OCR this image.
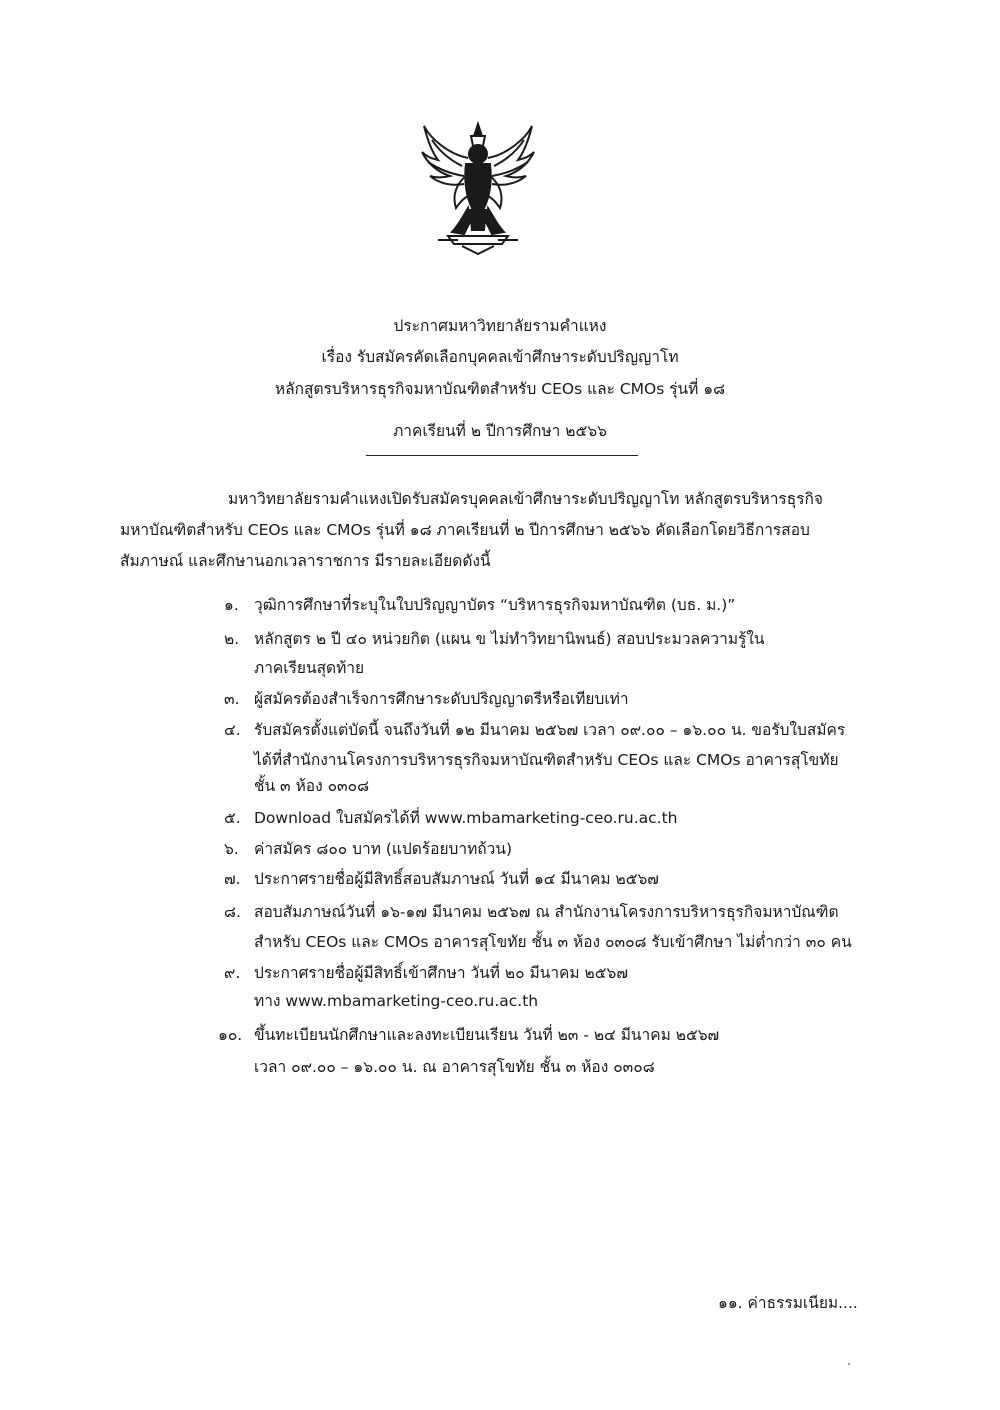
ประกาศมหาวิทยาลัยรามคำแหง
เรื่อง รับสมัครคัดเลือกบุคคลเข้าศึกษาระดับปริญญาโท
หลักสูตรบริหารธุรกิจมหาบัณฑิตสำหรับ CEOs และ CMOs รุ่นที่ ๑๘
ภาคเรียนที่ ๒ ปีการศึกษา ๒๕๖๖
มหาวิทยาลัยรามคำแหงเปิดรับสมัครบุคคลเข้าศึกษาระดับปริญญาโท หลักสูตรบริหารธุรกิจ
มหาบัณฑิตสำหรับ CEOs และ CMOs รุ่นที่ ๑๘ ภาคเรียนที่ ๒ ปีการศึกษา ๒๕๖๖ คัดเลือกโดยวิธีการสอบ
สัมภาษณ์ และศึกษานอกเวลาราชการ มีรายละเอียดดังนี้
๑. วุฒิการศึกษาที่ระบุในใบปริญญาบัตร “บริหารธุรกิจมหาบัณฑิต (บธ. ม.)”
๒. หลักสูตร ๒ ปี ๔๐ หน่วยกิต (แผน ข ไม่ทำวิทยานิพนธ์) สอบประมวลความรู้ใน
ภาคเรียนสุดท้าย
๓. ผู้สมัครต้องสำเร็จการศึกษาระดับปริญญาตรีหรือเทียบเท่า
๔. รับสมัครตั้งแต่บัดนี้ จนถึงวันที่ ๑๒ มีนาคม ๒๕๖๗ เวลา ๐๙.๐๐ – ๑๖.๐๐ น. ขอรับใบสมัคร
ได้ที่สำนักงานโครงการบริหารธุรกิจมหาบัณฑิตสำหรับ CEOs และ CMOs อาคารสุโขทัย
ชั้น ๓ ห้อง ๐๓๐๘
๕. Download ใบสมัครได้ที่ www.mbamarketing-ceo.ru.ac.th
๖. ค่าสมัคร ๘๐๐ บาท (แปดร้อยบาทถ้วน)
๗. ประกาศรายชื่อผู้มีสิทธิ์สอบสัมภาษณ์ วันที่ ๑๔ มีนาคม ๒๕๖๗
๘. สอบสัมภาษณ์วันที่ ๑๖-๑๗ มีนาคม ๒๕๖๗ ณ สำนักงานโครงการบริหารธุรกิจมหาบัณฑิต
สำหรับ CEOs และ CMOs อาคารสุโขทัย ชั้น ๓ ห้อง ๐๓๐๘ รับเข้าศึกษา ไม่ต่ำกว่า ๓๐ คน
๙. ประกาศรายชื่อผู้มีสิทธิ์เข้าศึกษา วันที่ ๒๐ มีนาคม ๒๕๖๗
ทาง www.mbamarketing-ceo.ru.ac.th
๑๐. ขึ้นทะเบียนนักศึกษาและลงทะเบียนเรียน วันที่ ๒๓ - ๒๔ มีนาคม ๒๕๖๗
เวลา ๐๙.๐๐ – ๑๖.๐๐ น. ณ อาคารสุโขทัย ชั้น ๓ ห้อง ๐๓๐๘
๑๑. ค่าธรรมเนียม....
